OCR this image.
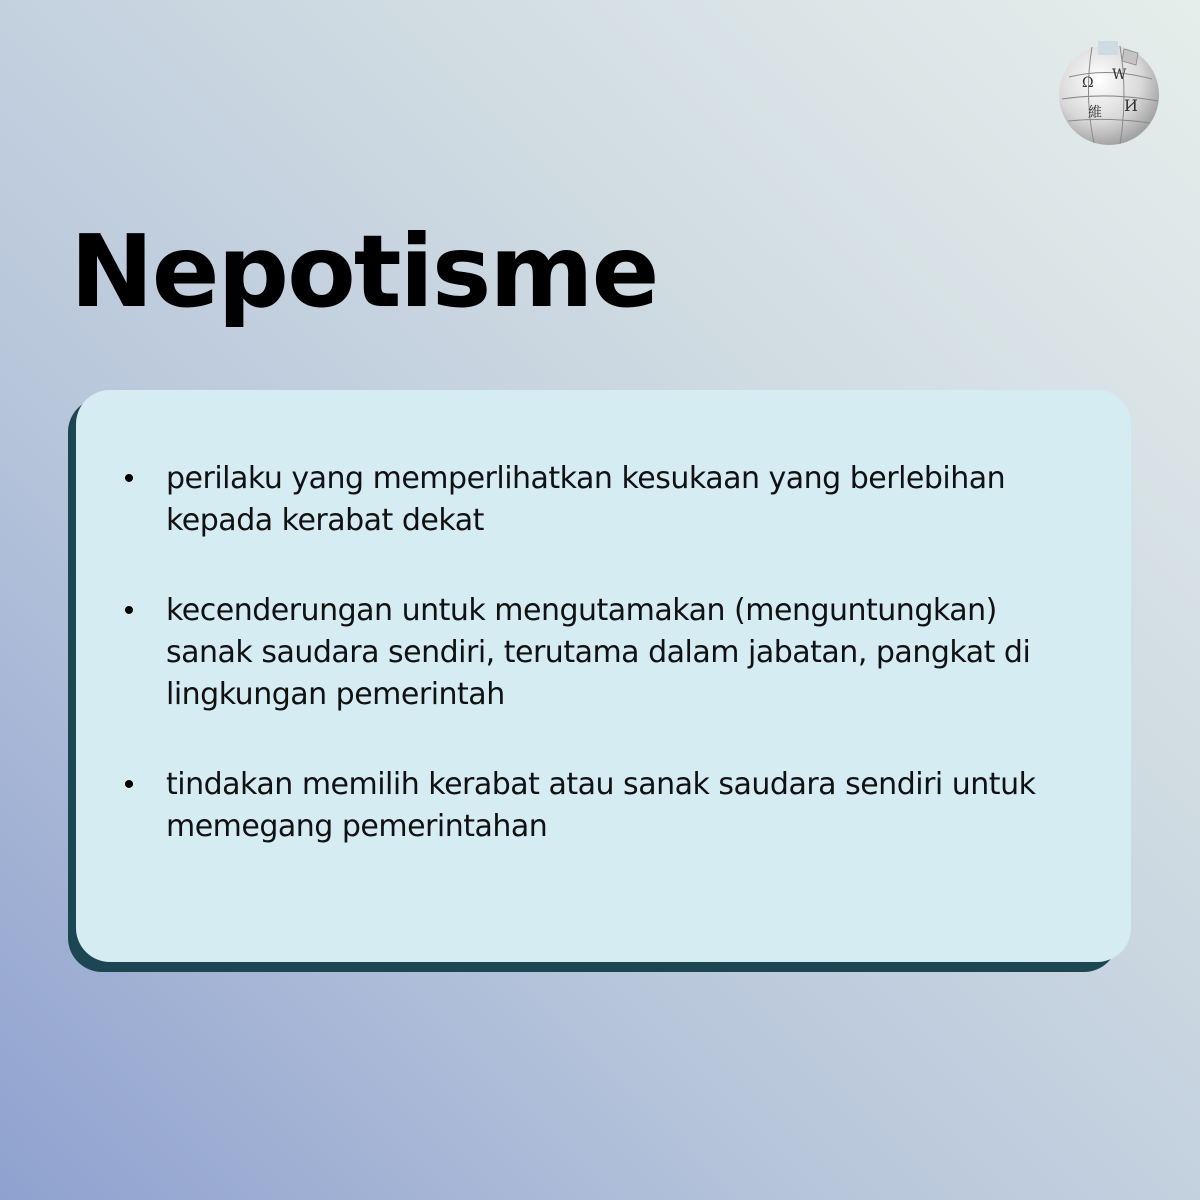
Ω W
維 И
Nepotisme
•	perilaku yang memperlihatkan kesukaan yang berlebihan kepada kerabat dekat
•	kecenderungan untuk mengutamakan (menguntungkan) sanak saudara sendiri, terutama dalam jabatan, pangkat di lingkungan pemerintah
•	tindakan memilih kerabat atau sanak saudara sendiri untuk memegang pemerintahan
